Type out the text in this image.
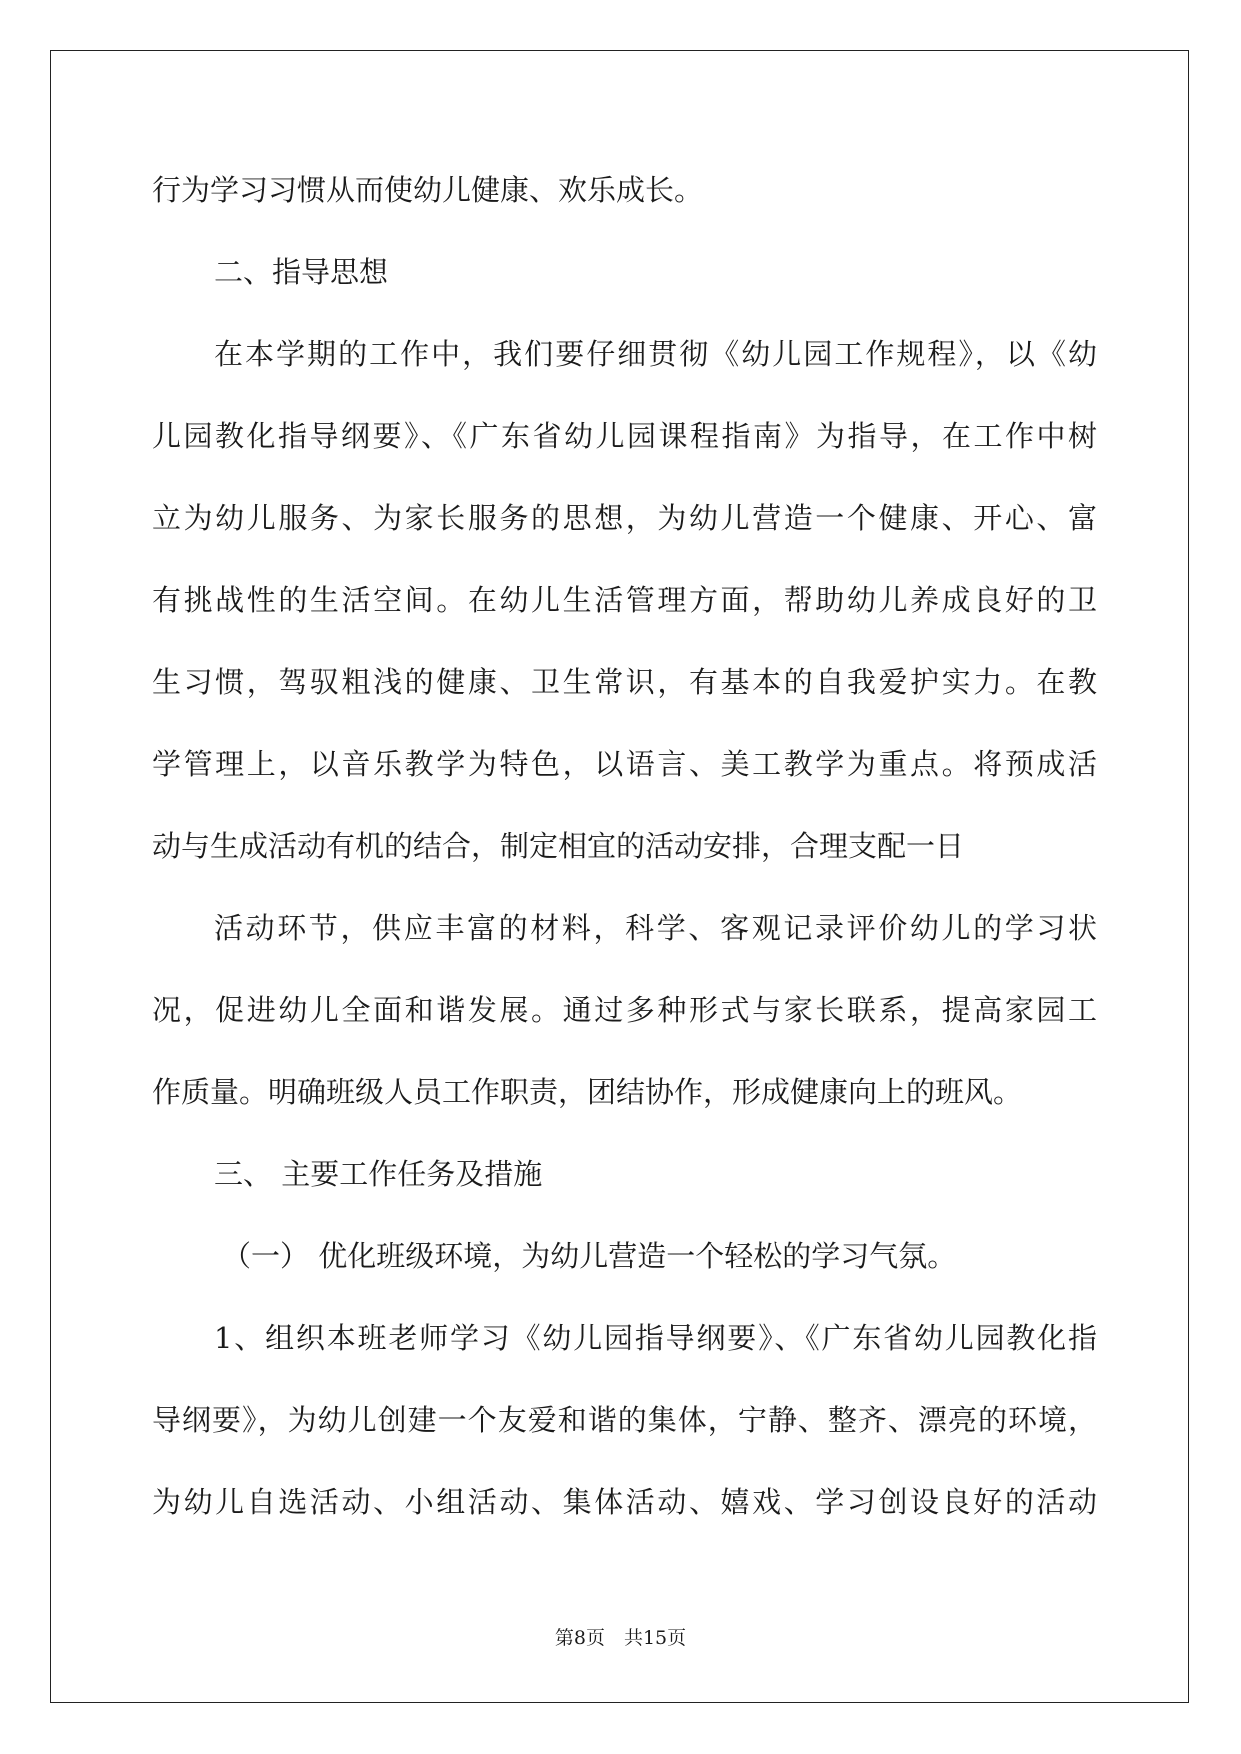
行为学习习惯从而使幼儿健康、欢乐成长。
二、指导思想
在本学期的工作中，我们要仔细贯彻《幼儿园工作规程》，以《幼
儿园教化指导纲要》、《广东省幼儿园课程指南》为指导，在工作中树
立为幼儿服务、为家长服务的思想，为幼儿营造一个健康、开心、富
有挑战性的生活空间。在幼儿生活管理方面，帮助幼儿养成良好的卫
生习惯，驾驭粗浅的健康、卫生常识，有基本的自我爱护实力。在教
学管理上，以音乐教学为特色，以语言、美工教学为重点。将预成活
动与生成活动有机的结合，制定相宜的活动安排，合理支配一日
活动环节，供应丰富的材料，科学、客观记录评价幼儿的学习状
况，促进幼儿全面和谐发展。通过多种形式与家长联系，提高家园工
作质量。明确班级人员工作职责，团结协作，形成健康向上的班风。
三、 主要工作任务及措施
（一） 优化班级环境，为幼儿营造一个轻松的学习气氛。
1、组织本班老师学习《幼儿园指导纲要》、《广东省幼儿园教化指
导纲要》，为幼儿创建一个友爱和谐的集体，宁静、整齐、漂亮的环境，
为幼儿自选活动、小组活动、集体活动、嬉戏、学习创设良好的活动
第8页　共15页
